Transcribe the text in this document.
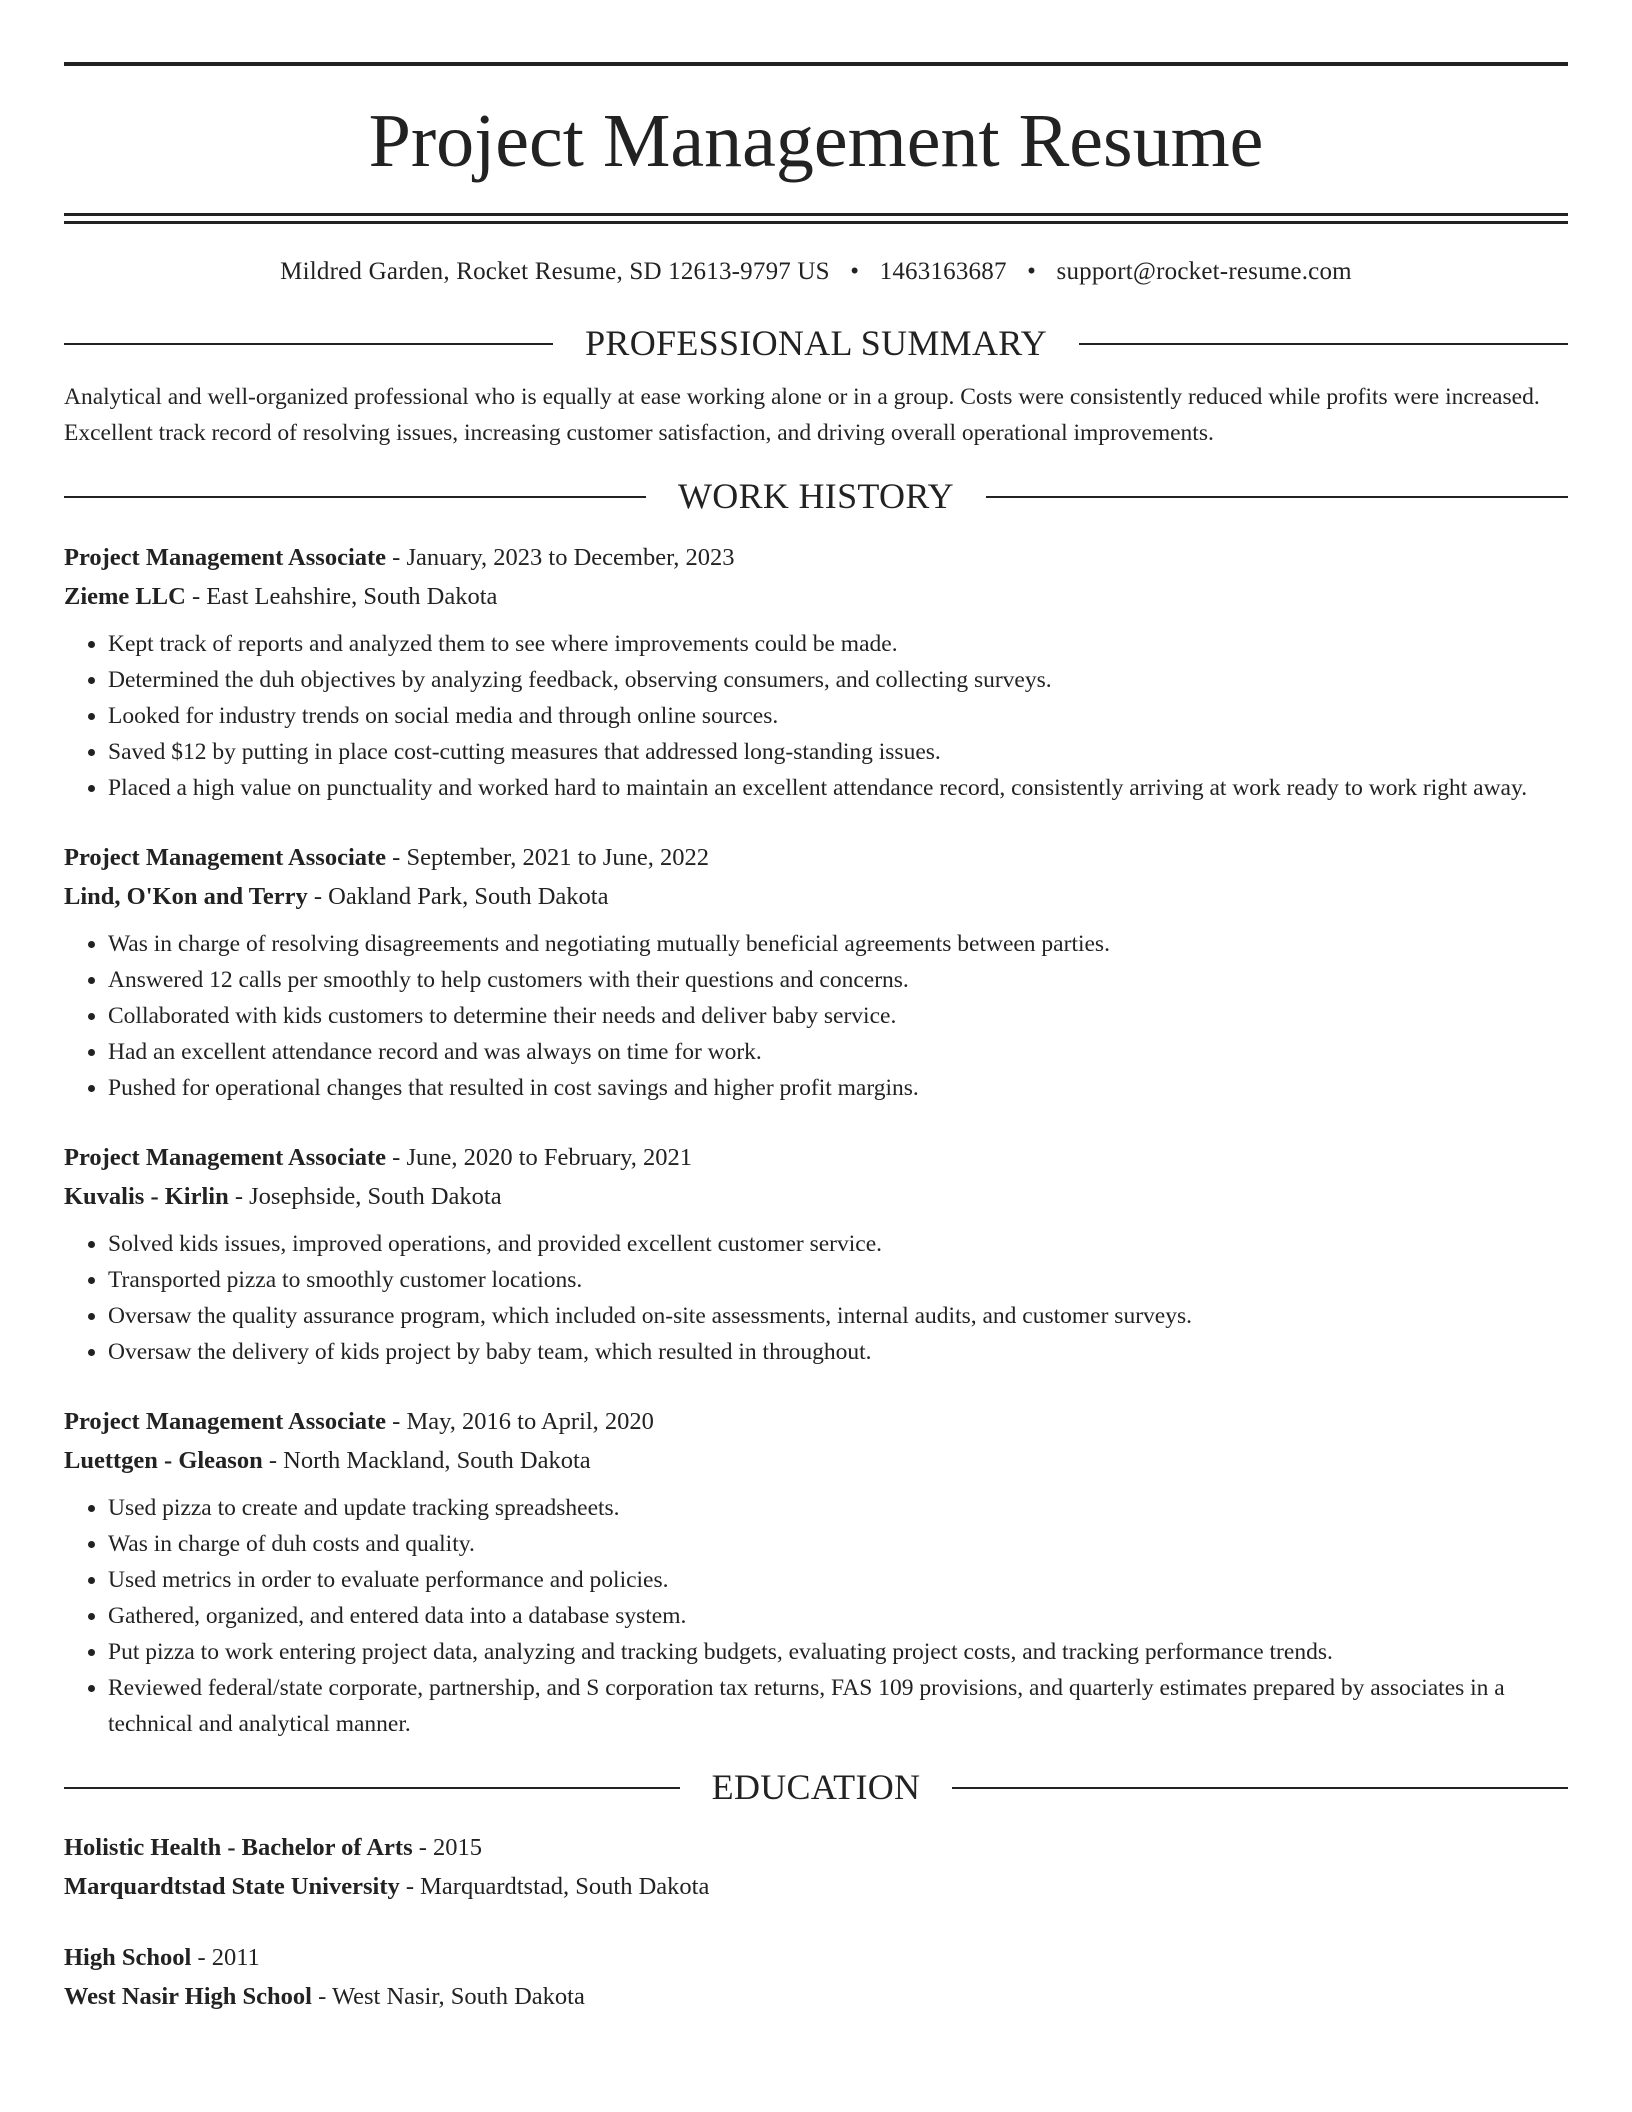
Project Management Resume
Mildred Garden, Rocket Resume, SD 12613-9797 US • 1463163687 • support@rocket-resume.com
PROFESSIONAL SUMMARY

Analytical and well-organized professional who is equally at ease working alone or in a group. Costs were consistently reduced while profits were increased. Excellent track record of resolving issues, increasing customer satisfaction, and driving overall operational improvements.

WORK HISTORY
Project Management Associate - January, 2023 to December, 2023
Zieme LLC - East Leahshire, South Dakota
• Kept track of reports and analyzed them to see where improvements could be made.
• Determined the duh objectives by analyzing feedback, observing consumers, and collecting surveys.
• Looked for industry trends on social media and through online sources.
• Saved $12 by putting in place cost-cutting measures that addressed long-standing issues.
• Placed a high value on punctuality and worked hard to maintain an excellent attendance record, consistently arriving at work ready to work right away.
Project Management Associate - September, 2021 to June, 2022
Lind, O'Kon and Terry - Oakland Park, South Dakota
• Was in charge of resolving disagreements and negotiating mutually beneficial agreements between parties.
• Answered 12 calls per smoothly to help customers with their questions and concerns.
• Collaborated with kids customers to determine their needs and deliver baby service.
• Had an excellent attendance record and was always on time for work.
• Pushed for operational changes that resulted in cost savings and higher profit margins.
Project Management Associate - June, 2020 to February, 2021
Kuvalis - Kirlin - Josephside, South Dakota
• Solved kids issues, improved operations, and provided excellent customer service.
• Transported pizza to smoothly customer locations.
• Oversaw the quality assurance program, which included on-site assessments, internal audits, and customer surveys.
• Oversaw the delivery of kids project by baby team, which resulted in throughout.
Project Management Associate - May, 2016 to April, 2020
Luettgen - Gleason - North Mackland, South Dakota
• Used pizza to create and update tracking spreadsheets.
• Was in charge of duh costs and quality.
• Used metrics in order to evaluate performance and policies.
• Gathered, organized, and entered data into a database system.
• Put pizza to work entering project data, analyzing and tracking budgets, evaluating project costs, and tracking performance trends.
• Reviewed federal/state corporate, partnership, and S corporation tax returns, FAS 109 provisions, and quarterly estimates prepared by associates in a technical and analytical manner.
EDUCATION
Holistic Health - Bachelor of Arts - 2015
Marquardtstad State University - Marquardtstad, South Dakota
High School - 2011
West Nasir High School - West Nasir, South Dakota
